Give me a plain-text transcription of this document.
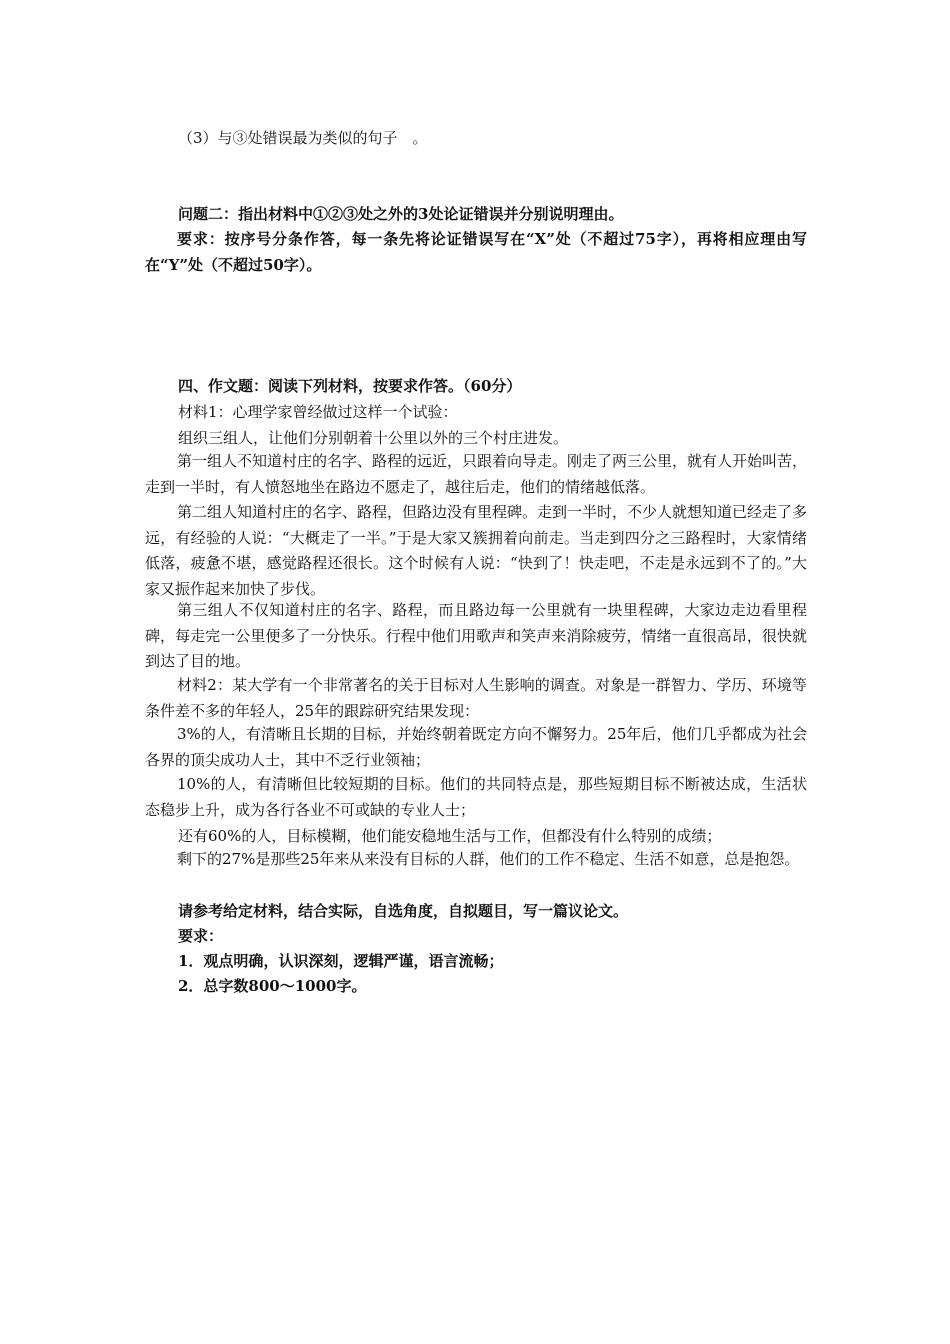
（3）与③处错误最为类似的句子　。
问题二：指出材料中①②③处之外的3处论证错误并分别说明理由。
要求：按序号分条作答，每一条先将论证错误写在“X”处（不超过75字），再将相应理由写在“Y”处（不超过50字）。
四、作文题：阅读下列材料，按要求作答。（60分）
材料1：心理学家曾经做过这样一个试验：
组织三组人，让他们分别朝着十公里以外的三个村庄进发。
第一组人不知道村庄的名字、路程的远近，只跟着向导走。刚走了两三公里，就有人开始叫苦，走到一半时，有人愤怒地坐在路边不愿走了，越往后走，他们的情绪越低落。
第二组人知道村庄的名字、路程，但路边没有里程碑。走到一半时，不少人就想知道已经走了多远，有经验的人说：“大概走了一半。”于是大家又簇拥着向前走。当走到四分之三路程时，大家情绪低落，疲惫不堪，感觉路程还很长。这个时候有人说：“快到了！快走吧，不走是永远到不了的。”大家又振作起来加快了步伐。
第三组人不仅知道村庄的名字、路程，而且路边每一公里就有一块里程碑，大家边走边看里程碑，每走完一公里便多了一分快乐。行程中他们用歌声和笑声来消除疲劳，情绪一直很高昂，很快就到达了目的地。
材料2：某大学有一个非常著名的关于目标对人生影响的调查。对象是一群智力、学历、环境等条件差不多的年轻人，25年的跟踪研究结果发现：
3%的人，有清晰且长期的目标，并始终朝着既定方向不懈努力。25年后，他们几乎都成为社会各界的顶尖成功人士，其中不乏行业领袖；
10%的人，有清晰但比较短期的目标。他们的共同特点是，那些短期目标不断被达成，生活状态稳步上升，成为各行各业不可或缺的专业人士；
还有60%的人，目标模糊，他们能安稳地生活与工作，但都没有什么特别的成绩；
剩下的27%是那些25年来从来没有目标的人群，他们的工作不稳定、生活不如意，总是抱怨。
请参考给定材料，结合实际，自选角度，自拟题目，写一篇议论文。
要求：
1．观点明确，认识深刻，逻辑严谨，语言流畅；
2．总字数800～1000字。
